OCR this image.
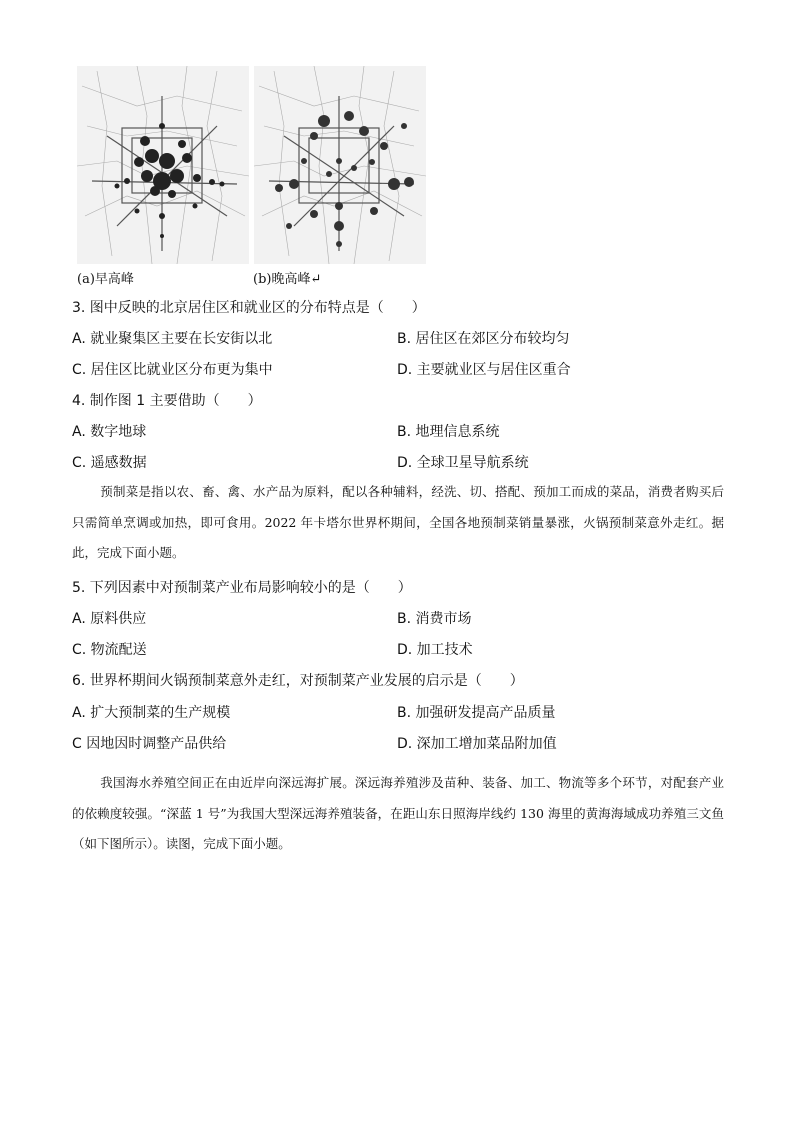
(a)早高峰	(b)晚高峰↵
3. 图中反映的北京居住区和就业区的分布特点是（　　）
A. 就业聚集区主要在长安街以北	B. 居住区在郊区分布较均匀
C. 居住区比就业区分布更为集中	D. 主要就业区与居住区重合
4. 制作图 1 主要借助（　　）
A. 数字地球	B. 地理信息系统
C. 遥感数据	D. 全球卫星导航系统
预制菜是指以农、畜、禽、水产品为原料，配以各种辅料，经洗、切、搭配、预加工而成的菜品，消费者购买后只需简单烹调或加热，即可食用。2022 年卡塔尔世界杯期间，全国各地预制菜销量暴涨，火锅预制菜意外走红。据此，完成下面小题。
5. 下列因素中对预制菜产业布局影响较小的是（　　）
A. 原料供应	B. 消费市场
C. 物流配送	D. 加工技术
6. 世界杯期间火锅预制菜意外走红，对预制菜产业发展的启示是（　　）
A. 扩大预制菜的生产规模	B. 加强研发提高产品质量
C 因地因时调整产品供给	D. 深加工增加菜品附加值
我国海水养殖空间正在由近岸向深远海扩展。深远海养殖涉及苗种、装备、加工、物流等多个环节，对配套产业的依赖度较强。“深蓝 1 号”为我国大型深远海养殖装备，在距山东日照海岸线约 130 海里的黄海海域成功养殖三文鱼（如下图所示）。读图，完成下面小题。
